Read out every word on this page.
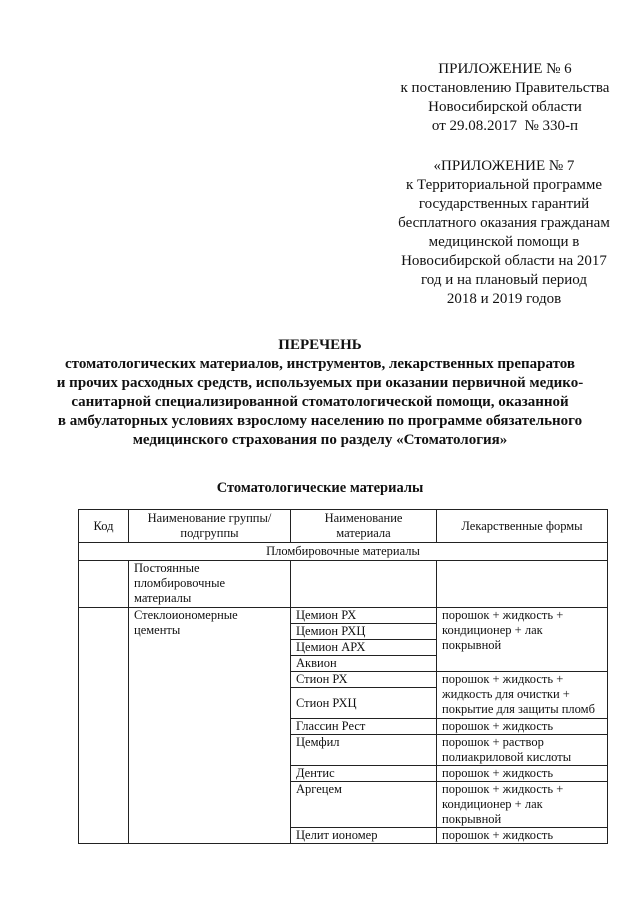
ПРИЛОЖЕНИЕ № 6
к постановлению Правительства
Новосибирской области
от 29.08.2017  № 330-п
«ПРИЛОЖЕНИЕ № 7
к Территориальной программе
государственных гарантий
бесплатного оказания гражданам
медицинской помощи в
Новосибирской области на 2017
год и на плановый период
2018 и 2019 годов
ПЕРЕЧЕНЬ
стоматологических материалов, инструментов, лекарственных препаратов
и прочих расходных средств, используемых при оказании первичной медико-
санитарной специализированной стоматологической помощи, оказанной
в амбулаторных условиях взрослому населению по программе обязательного
медицинского страхования по разделу «Стоматология»
Стоматологические материалы
Код	Наименование группы/подгруппы	Наименование материала	Лекарственные формы
Пломбировочные материалы			
	Постоянные пломбировочные материалы		
	Стеклоиономерные цементы	Цемион РХ	порошок + жидкость + кондиционер + лак покрывной
		Цемион РХЦ	
		Цемион АРХ	
		Аквион	
		Стион РХ	порошок + жидкость + жидкость для очистки + покрытие для защиты пломб
		Стион РХЦ	
		Глассин Рест	порошок + жидкость
		Цемфил	порошок + раствор полиакриловой кислоты
		Дентис	порошок + жидкость
		Аргецем	порошок + жидкость + кондиционер + лак покрывной
		Целит иономер	порошок + жидкость
